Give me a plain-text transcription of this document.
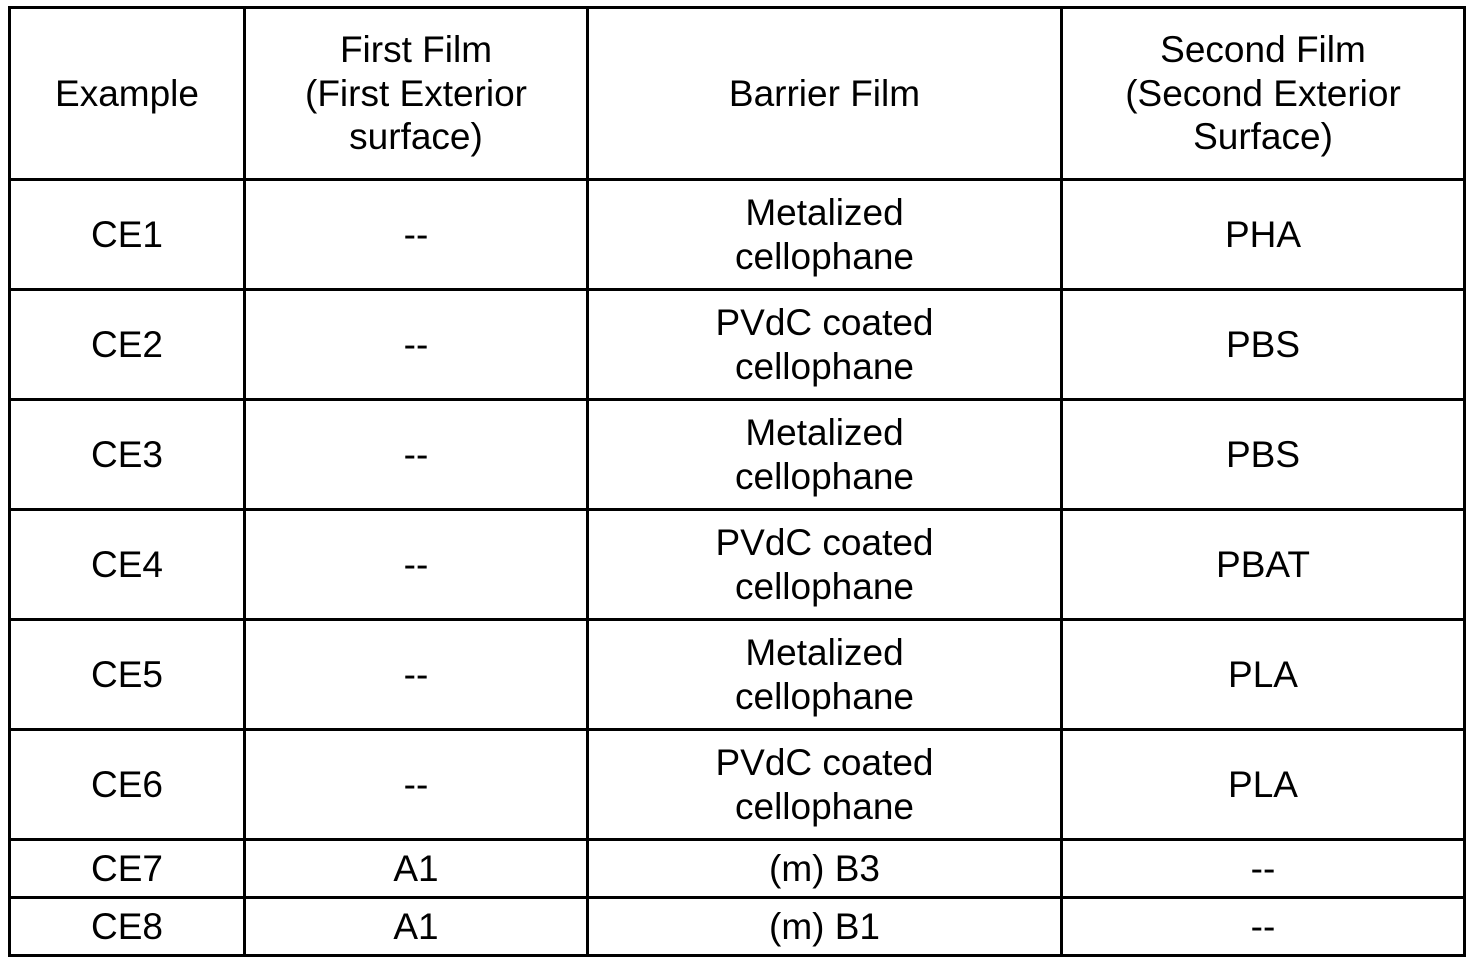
Example	First Film
(First Exterior
surface)	Barrier Film	Second Film
(Second Exterior
Surface)

CE1	--	Metalized
cellophane	PHA

CE2	--	PVdC coated
cellophane	PBS

CE3	--	Metalized
cellophane	PBS

CE4	--	PVdC coated
cellophane	PBAT

CE5	--	Metalized
cellophane	PLA

CE6	--	PVdC coated
cellophane	PLA

CE7	A1	(m) B3	--

CE8	A1	(m) B1	--
